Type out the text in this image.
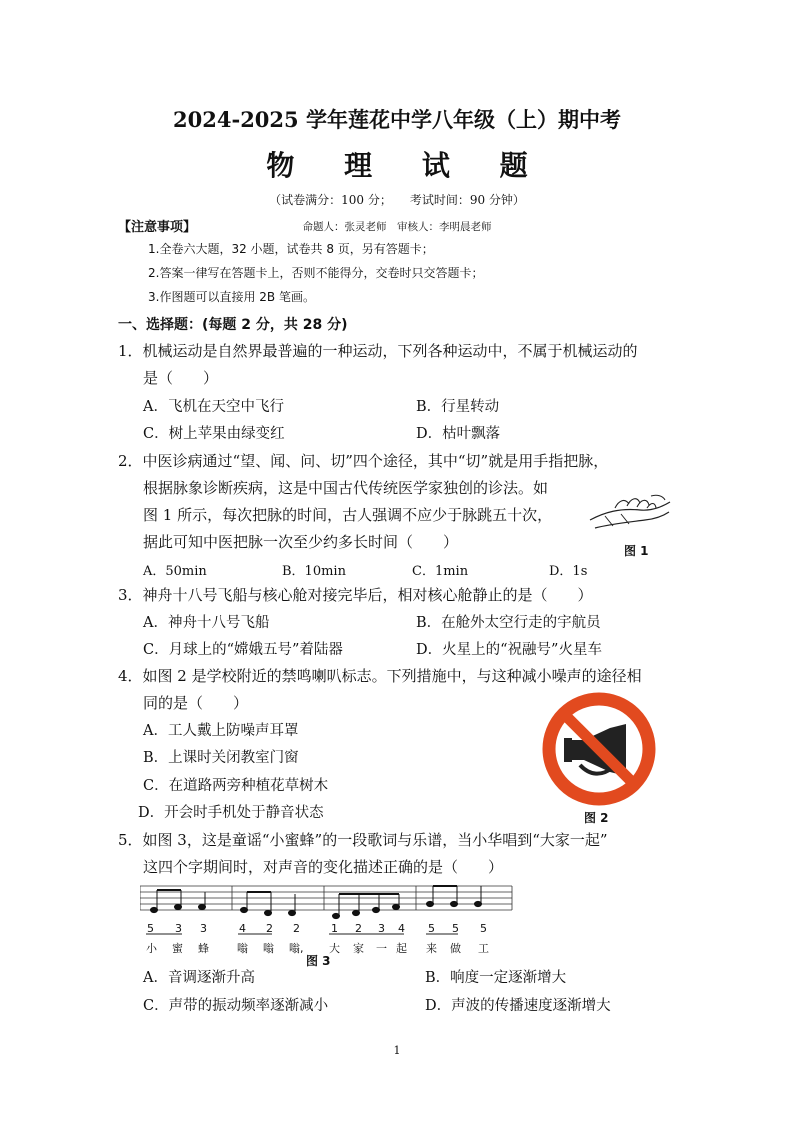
2024-2025 学年莲花中学八年级（上）期中考
物 理 试 题
（试卷满分：100 分；　　考试时间：90 分钟）
【注意事项】	命题人：张灵老师　审核人：李明晨老师
1.全卷六大题，32 小题，试卷共 8 页，另有答题卡；
2.答案一律写在答题卡上，否则不能得分，交卷时只交答题卡；
3.作图题可以直接用 2B 笔画。
一、选择题：(每题 2 分，共 28 分)
1．机械运动是自然界最普遍的一种运动，下列各种运动中，不属于机械运动的
是（　　）
A．飞机在天空中飞行	B．行星转动
C．树上苹果由绿变红	D．枯叶飘落
2．中医诊病通过“望、闻、问、切”四个途径，其中“切”就是用手指把脉，
根据脉象诊断疾病，这是中国古代传统医学家独创的诊法。如
图 1 所示，每次把脉的时间，古人强调不应少于脉跳五十次，
据此可知中医把脉一次至少约多长时间（　　）	图 1
A．50min	B．10min	C．1min	D．1s
3．神舟十八号飞船与核心舱对接完毕后，相对核心舱静止的是（　　）
A．神舟十八号飞船	B．在舱外太空行走的宇航员
C．月球上的“嫦娥五号”着陆器	D．火星上的“祝融号”火星车
4．如图 2 是学校附近的禁鸣喇叭标志。下列措施中，与这种减小噪声的途径相
同的是（　　）
A．工人戴上防噪声耳罩
B．上课时关闭教室门窗
C．在道路两旁种植花草树木
D．开会时手机处于静音状态	图 2
5．如图 3，这是童谣“小蜜蜂”的一段歌词与乐谱，当小华唱到“大家一起”
这四个字期间时，对声音的变化描述正确的是（　　）
5 3 3	4 2 2	1 2 3 4 5 5 5
小 蜜 蜂	嗡 嗡 嗡, 大 家 一 起 来 做 工
图 3
A．音调逐渐升高	B．响度一定逐渐增大
C．声带的振动频率逐渐减小	D．声波的传播速度逐渐增大
1
